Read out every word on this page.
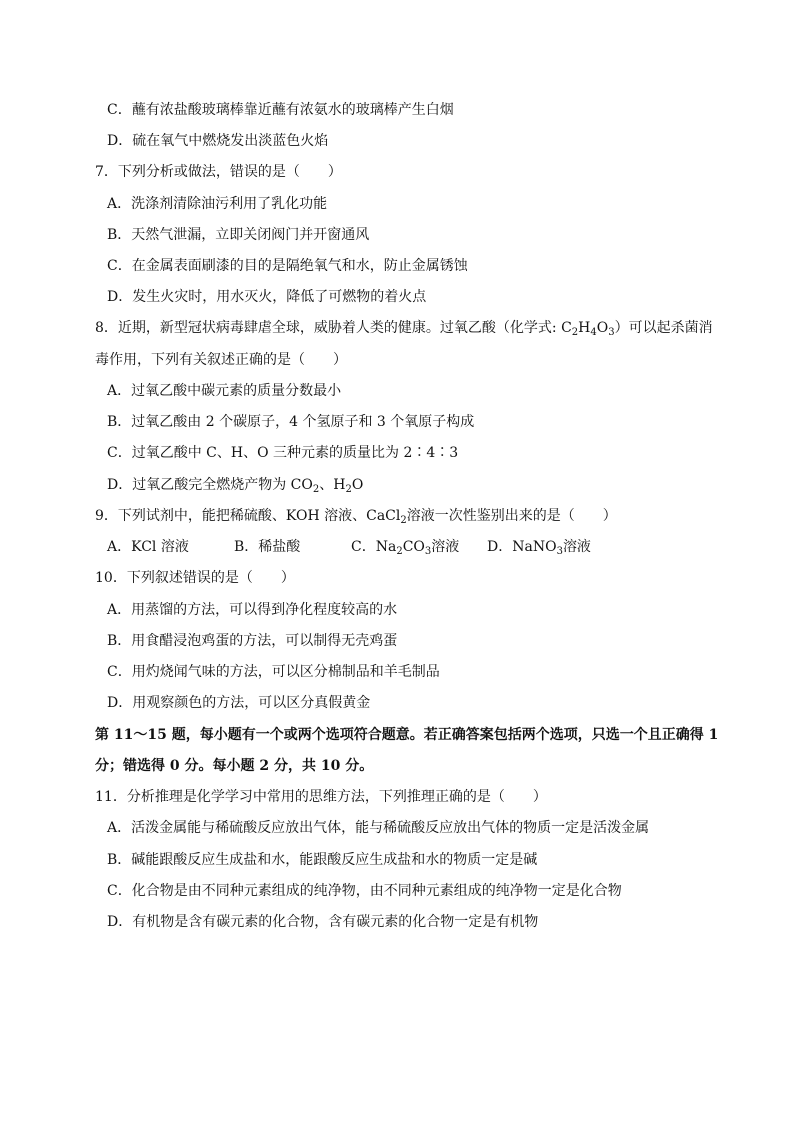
C．蘸有浓盐酸玻璃棒靠近蘸有浓氨水的玻璃棒产生白烟
D．硫在氧气中燃烧发出淡蓝色火焰
7．下列分析或做法，错误的是（　　）
A．洗涤剂清除油污利用了乳化功能
B．天然气泄漏，立即关闭阀门并开窗通风
C．在金属表面刷漆的目的是隔绝氧气和水，防止金属锈蚀
D．发生火灾时，用水灭火，降低了可燃物的着火点
8．近期，新型冠状病毒肆虐全球，威胁着人类的健康。过氧乙酸（化学式: $C_2H_4O_3$）可以起杀菌消
毒作用，下列有关叙述正确的是（　　）
A．过氧乙酸中碳元素的质量分数最小
B．过氧乙酸由 2 个碳原子，4 个氢原子和 3 个氧原子构成
C．过氧乙酸中 C、H、O 三种元素的质量比为 2∶4∶3
D．过氧乙酸完全燃烧产物为 $CO_2$、$H_2O$
9．下列试剂中，能把稀硫酸、KOH 溶液、CaCl$_2$溶液一次性鉴别出来的是（　　）
A．KCl 溶液	B．稀盐酸	C．$Na_2CO_3$溶液 D．NaNO$_3$溶液
10．下列叙述错误的是（　　）
A．用蒸馏的方法，可以得到净化程度较高的水
B．用食醋浸泡鸡蛋的方法，可以制得无壳鸡蛋
C．用灼烧闻气味的方法，可以区分棉制品和羊毛制品
D．用观察颜色的方法，可以区分真假黄金
第 11～15 题，每小题有一个或两个选项符合题意。若正确答案包括两个选项，只选一个且正确得 1
分；错选得 0 分。每小题 2 分，共 10 分。
11．分析推理是化学学习中常用的思维方法，下列推理正确的是（　　）
A．活泼金属能与稀硫酸反应放出气体，能与稀硫酸反应放出气体的物质一定是活泼金属
B．碱能跟酸反应生成盐和水，能跟酸反应生成盐和水的物质一定是碱
C．化合物是由不同种元素组成的纯净物，由不同种元素组成的纯净物一定是化合物
D．有机物是含有碳元素的化合物，含有碳元素的化合物一定是有机物
